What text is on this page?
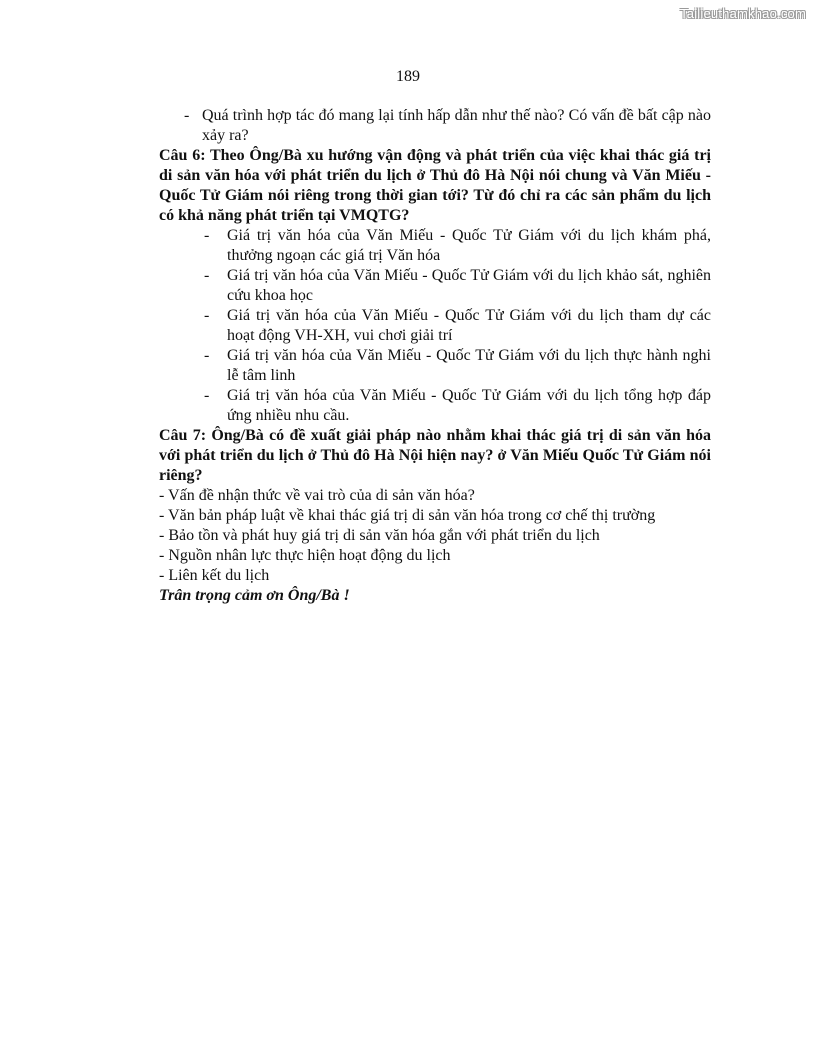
Tailieuthamkhao.com
189
- Quá trình hợp tác đó mang lại tính hấp dẫn như thế nào? Có vấn đề bất cập nào xảy ra?
Câu 6: Theo Ông/Bà xu hướng vận động và phát triển của việc khai thác giá trị di sản văn hóa với phát triển du lịch ở Thủ đô Hà Nội nói chung và Văn Miếu - Quốc Tử Giám nói riêng trong thời gian tới? Từ đó chỉ ra các sản phẩm du lịch có khả năng phát triển tại VMQTG?
- Giá trị văn hóa của Văn Miếu - Quốc Tử Giám với du lịch khám phá, thưởng ngoạn các giá trị Văn hóa
- Giá trị văn hóa của Văn Miếu - Quốc Tử Giám với du lịch khảo sát, nghiên cứu khoa học
- Giá trị văn hóa của Văn Miếu - Quốc Tử Giám với du lịch tham dự các hoạt động VH-XH, vui chơi giải trí
- Giá trị văn hóa của Văn Miếu - Quốc Tử Giám với du lịch thực hành nghi lễ tâm linh
- Giá trị văn hóa của Văn Miếu - Quốc Tử Giám với du lịch tổng hợp đáp ứng nhiều nhu cầu.
Câu 7: Ông/Bà có đề xuất giải pháp nào nhằm khai thác giá trị di sản văn hóa với phát triển du lịch ở Thủ đô Hà Nội hiện nay? ở Văn Miếu Quốc Tử Giám nói riêng?
- Vấn đề nhận thức về vai trò của di sản văn hóa?
- Văn bản pháp luật về khai thác giá trị di sản văn hóa trong cơ chế thị trường
- Bảo tồn và phát huy giá trị di sản văn hóa gắn với phát triển du lịch
- Nguồn nhân lực thực hiện hoạt động du lịch
- Liên kết du lịch
Trân trọng cảm ơn Ông/Bà !
